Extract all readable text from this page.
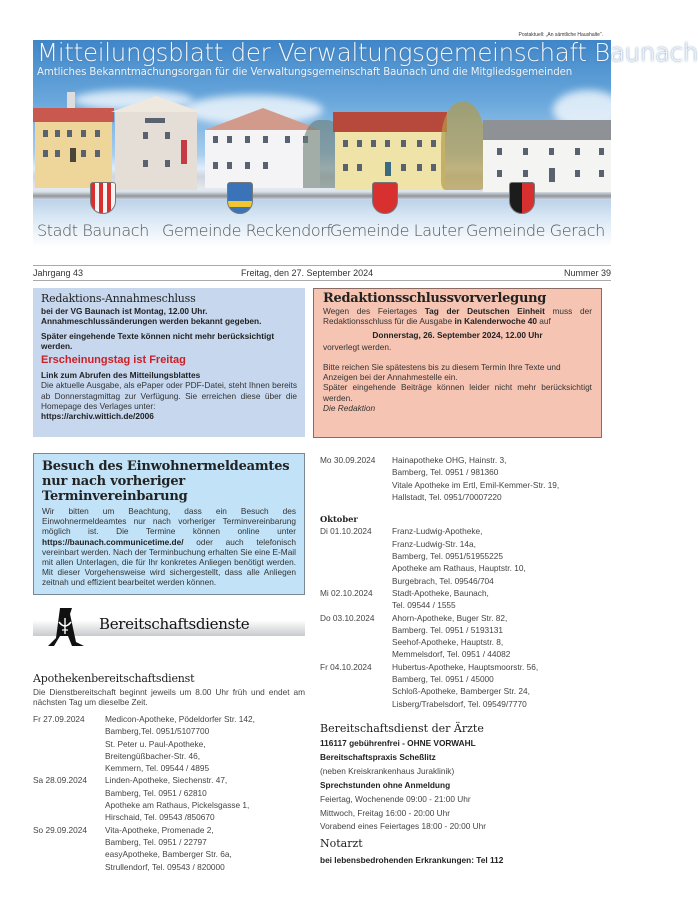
Postaktuell: „An sämtliche Haushalte“.
Mitteilungsblatt der Verwaltungsgemeinschaft Baunach
Amtliches Bekanntmachungsorgan für die Verwaltungsgemeinschaft Baunach und die Mitgliedsgemeinden
Stadt Baunach Gemeinde Reckendorf
Gemeinde Lauter Gemeinde Gerach
Jahrgang 43	Freitag, den 27. September 2024	Nummer 39
Redaktions-Annahmeschluss
bei der VG Baunach ist Montag, 12.00 Uhr.
Annahmeschlussänderungen werden bekannt gegeben.
Später eingehende Texte können nicht mehr berücksichtigt werden.
Erscheinungstag ist Freitag
Link zum Abrufen des Mitteilungsblattes
Die aktuelle Ausgabe, als ePaper oder PDF-Datei, steht Ihnen bereits ab Donnerstagmittag zur Verfügung. Sie erreichen diese über die Homepage des Verlages unter:
https://archiv.wittich.de/2006
Redaktionsschlussvorverlegung
Wegen des Feiertages Tag der Deutschen Einheit muss der Redaktionsschluss für die Ausgabe in Kalenderwoche 40 auf
Donnerstag, 26. September 2024, 12.00 Uhr
vorverlegt werden.
Bitte reichen Sie spätestens bis zu diesem Termin Ihre Texte und Anzeigen bei der Annahmestelle ein.
Später eingehende Beiträge können leider nicht mehr berücksichtigt werden.
Die Redaktion
Besuch des Einwohnermeldeamtes nur nach vorheriger Terminvereinbarung
Wir bitten um Beachtung, dass ein Besuch des Einwohnermeldeamtes nur nach vorheriger Terminvereinbarung möglich ist. Die Termine können online unter https://baunach.communicetime.de/ oder auch telefonisch vereinbart werden. Nach der Terminbuchung erhalten Sie eine E-Mail mit allen Unterlagen, die für Ihr konkretes Anliegen benötigt werden. Mit dieser Vorgehensweise wird sichergestellt, dass alle Anliegen zeitnah und effizient bearbeitet werden können.
Bereitschaftsdienste
Apothekenbereitschaftsdienst
Die Dienstbereitschaft beginnt jeweils um 8.00 Uhr früh und endet am nächsten Tag um dieselbe Zeit.
Fr 27.09.2024	Medicon-Apotheke, Pödeldorfer Str. 142,
Bamberg,Tel. 0951/5107700
St. Peter u. Paul-Apotheke,
Breitengüßbacher-Str. 46,
Kemmern, Tel. 09544 / 4895
Sa 28.09.2024	Linden-Apotheke, Siechenstr. 47,
Bamberg, Tel. 0951 / 62810
Apotheke am Rathaus, Pickelsgasse 1,
Hirschaid, Tel. 09543 /850670
So 29.09.2024	Vita-Apotheke, Promenade 2,
Bamberg, Tel. 0951 / 22797
easyApotheke, Bamberger Str. 6a,
Strullendorf, Tel. 09543 / 820000
Mo 30.09.2024	Hainapotheke OHG, Hainstr. 3,
Bamberg, Tel. 0951 / 981360
Vitale Apotheke im Ertl, Emil-Kemmer-Str. 19,
Hallstadt, Tel. 0951/70007220
Oktober
Di 01.10.2024	Franz-Ludwig-Apotheke,
Franz-Ludwig-Str. 14a,
Bamberg, Tel. 0951/51955225
Apotheke am Rathaus, Hauptstr. 10,
Burgebrach, Tel. 09546/704
Mi 02.10.2024	Stadt-Apotheke, Baunach,
Tel. 09544 / 1555
Do 03.10.2024	Ahorn-Apotheke, Buger Str. 82,
Bamberg. Tel. 0951 / 5193131
Seehof-Apotheke, Hauptstr. 8,
Memmelsdorf, Tel. 0951 / 44082
Fr 04.10.2024	Hubertus-Apotheke, Hauptsmoorstr. 56,
Bamberg, Tel. 0951 / 45000
Schloß-Apotheke, Bamberger Str. 24,
Lisberg/Trabelsdorf, Tel. 09549/7770
Bereitschaftsdienst der Ärzte
116117 gebührenfrei - OHNE VORWAHL
Bereitschaftspraxis Scheßlitz
(neben Kreiskrankenhaus Juraklinik)
Sprechstunden ohne Anmeldung
Feiertag, Wochenende 09:00 - 21:00 Uhr
Mittwoch, Freitag 16:00 - 20:00 Uhr
Vorabend eines Feiertages 18:00 - 20:00 Uhr
Notarzt
bei lebensbedrohenden Erkrankungen: Tel 112
